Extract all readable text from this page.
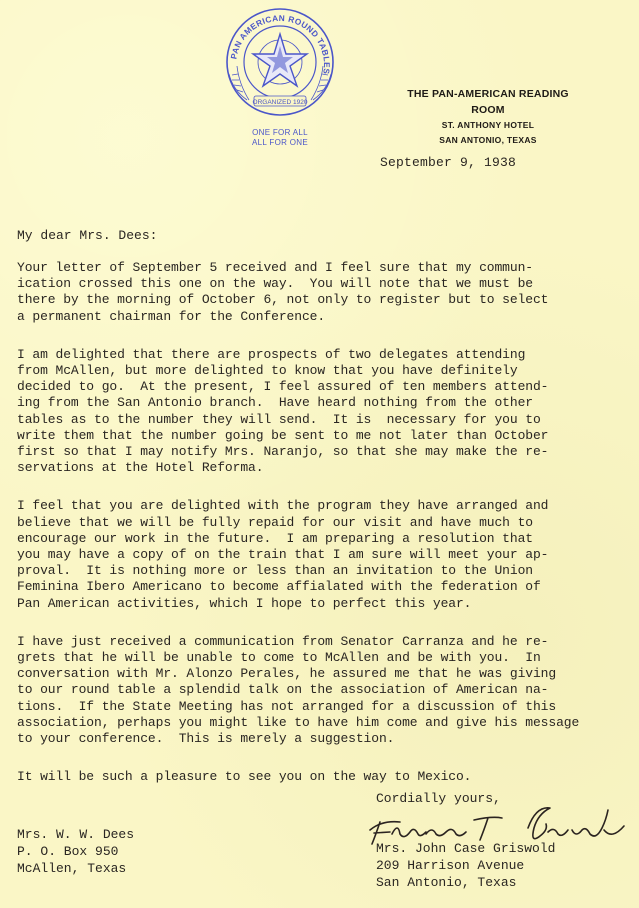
PAN AMERICAN ROUND TABLES
ORGANIZED 1920
ONE FOR ALL
ALL FOR ONE
THE PAN-AMERICAN READING ROOM
ST. ANTHONY HOTEL
SAN ANTONIO, TEXAS
September 9, 1938
My dear Mrs. Dees:

Your letter of September 5 received and I feel sure that my commun-
ication crossed this one on the way.  You will note that we must be
there by the morning of October 6, not only to register but to select
a permanent chairman for the Conference.

I am delighted that there are prospects of two delegates attending
from McAllen, but more delighted to know that you have definitely
decided to go.  At the present, I feel assured of ten members attend-
ing from the San Antonio branch.  Have heard nothing from the other
tables as to the number they will send.  It is  necessary for you to
write them that the number going be sent to me not later than October
first so that I may notify Mrs. Naranjo, so that she may make the re-
servations at the Hotel Reforma.

I feel that you are delighted with the program they have arranged and
believe that we will be fully repaid for our visit and have much to
encourage our work in the future.  I am preparing a resolution that
you may have a copy of on the train that I am sure will meet your ap-
proval.  It is nothing more or less than an invitation to the Union
Feminina Ibero Americano to become affialated with the federation of
Pan American activities, which I hope to perfect this year.

I have just received a communication from Senator Carranza and he re-
grets that he will be unable to come to McAllen and be with you.  In
conversation with Mr. Alonzo Perales, he assured me that he was giving
to our round table a splendid talk on the association of American na-
tions.  If the State Meeting has not arranged for a discussion of this
association, perhaps you might like to have him come and give his message
to your conference.  This is merely a suggestion.

It will be such a pleasure to see you on the way to Mexico.

Cordially yours,
Mrs. John Case Griswold
209 Harrison Avenue
San Antonio, Texas
Mrs. W. W. Dees
P. O. Box 950
McAllen, Texas
